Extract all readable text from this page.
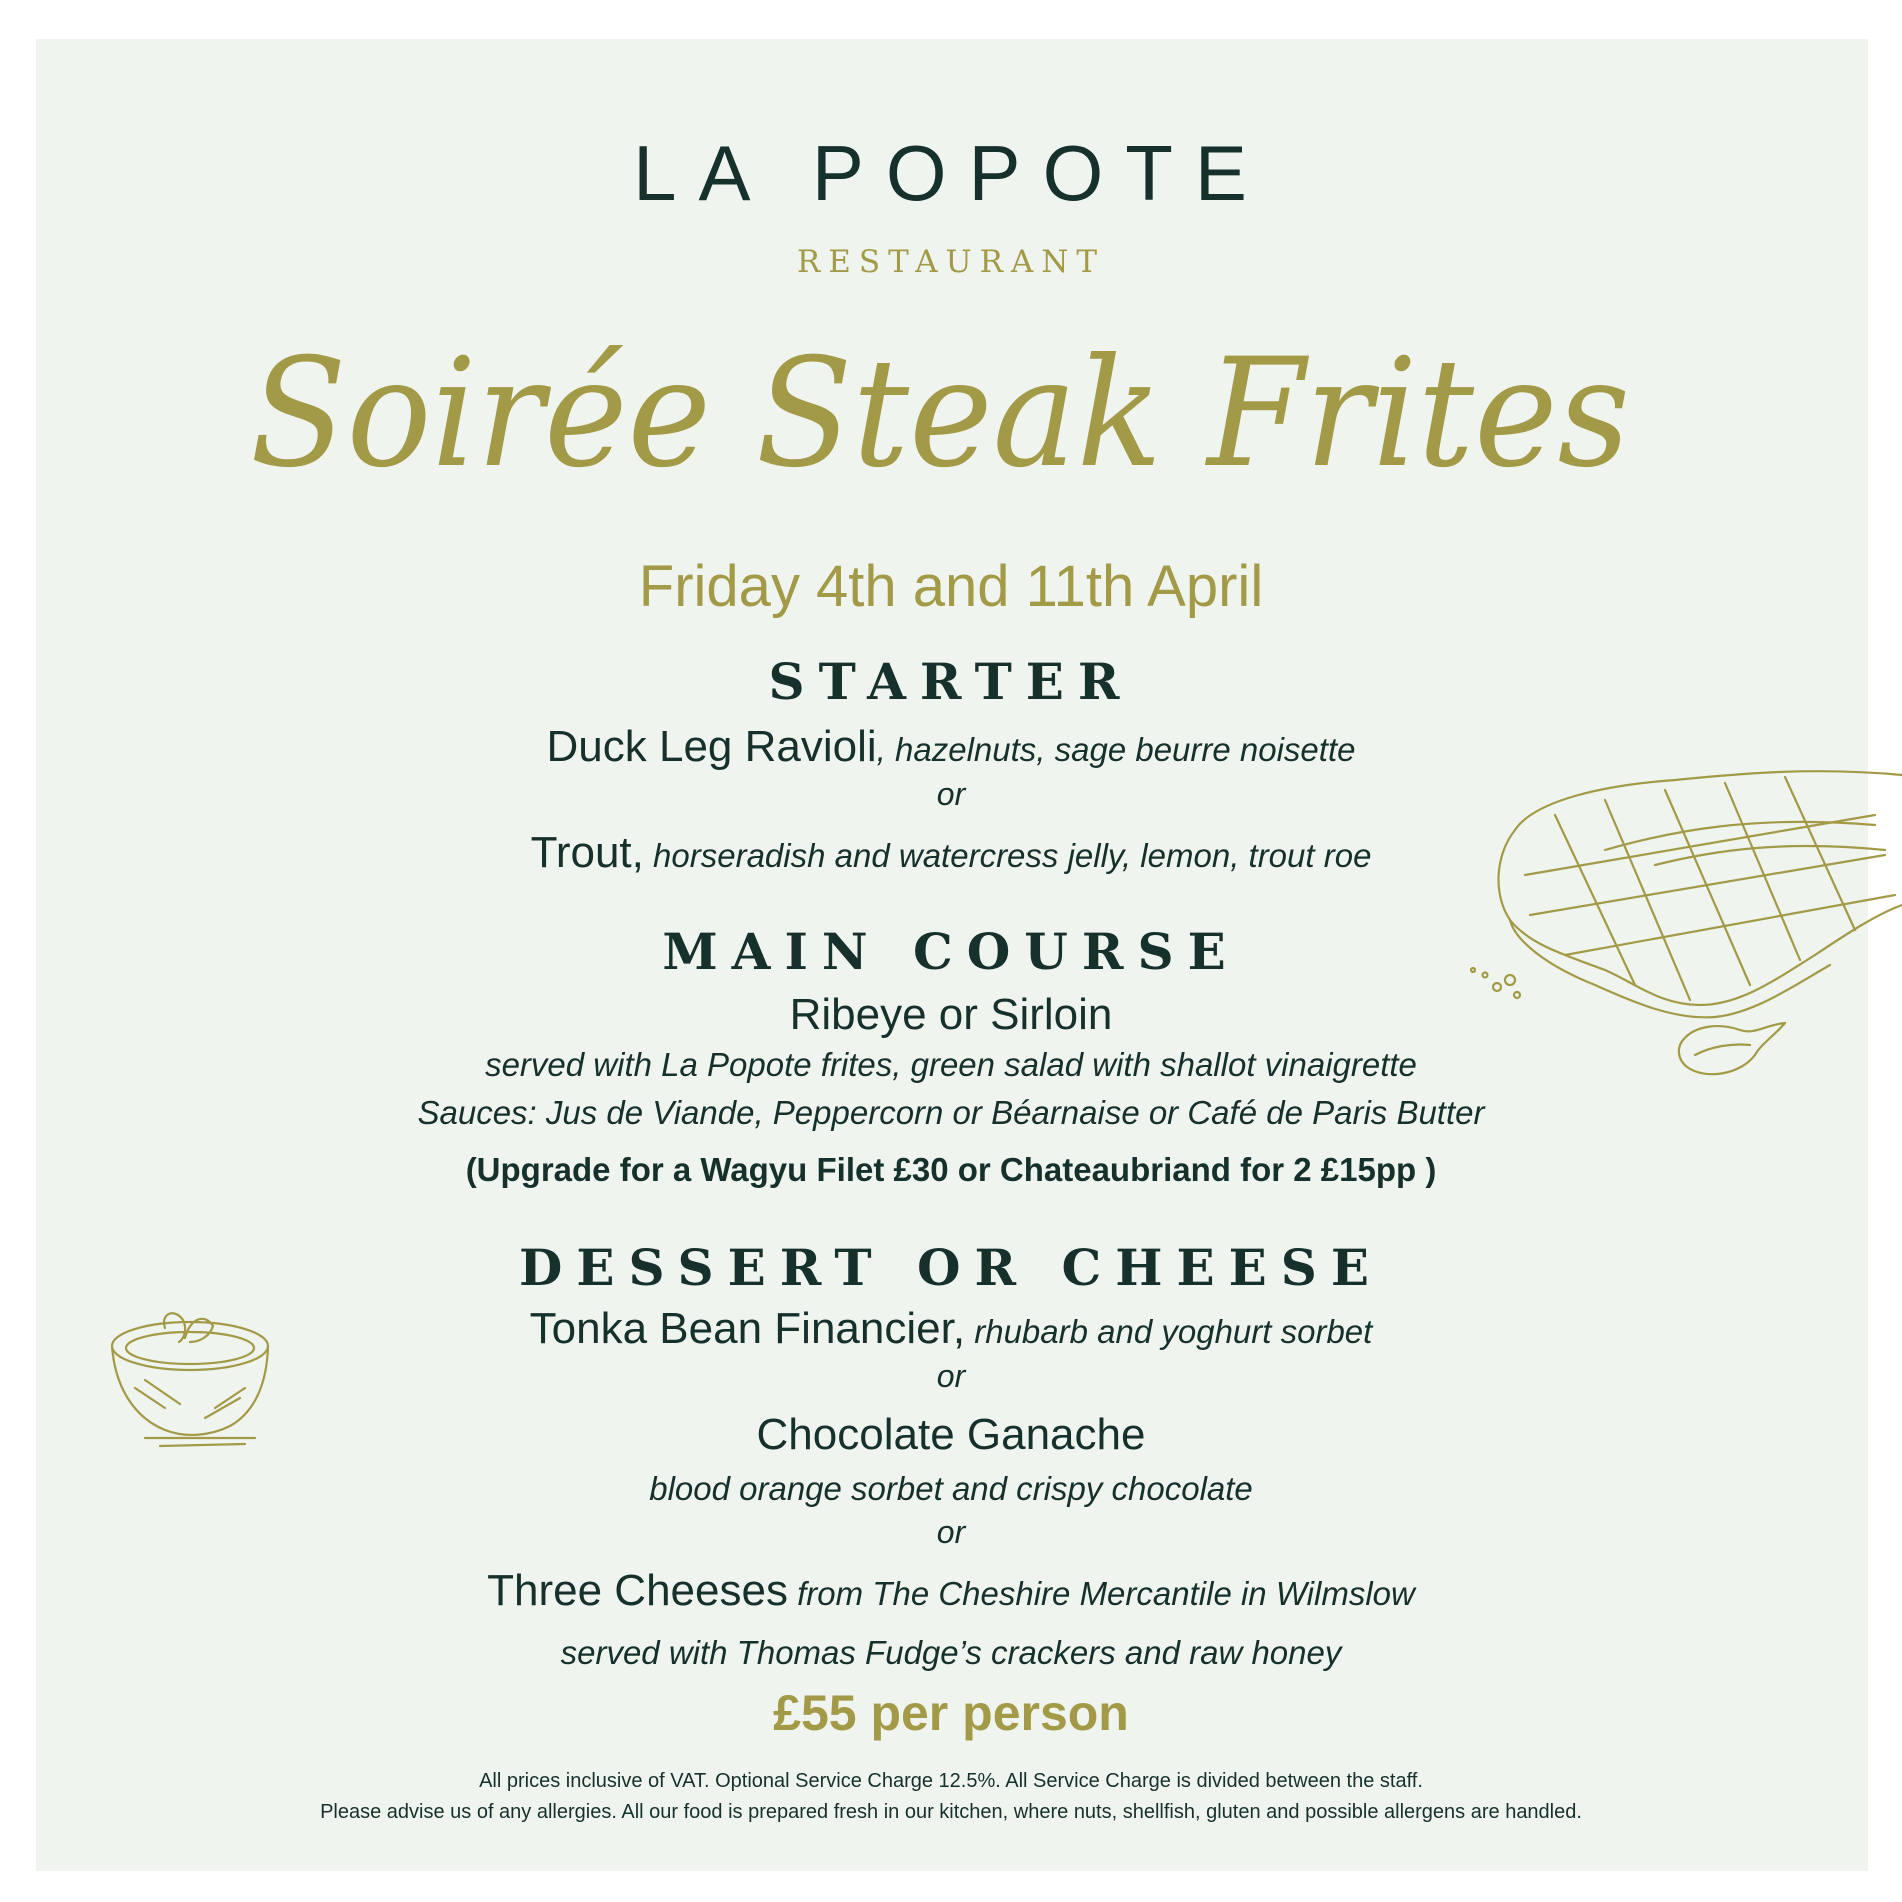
LA POPOTE
RESTAURANT
Soirée Steak Frites
Friday 4th and 11th April
STARTER
Duck Leg Ravioli, hazelnuts, sage beurre noisette
or
Trout, horseradish and watercress jelly, lemon, trout roe
MAIN COURSE
Ribeye or Sirloin
served with La Popote frites, green salad with shallot vinaigrette
Sauces: Jus de Viande, Peppercorn or Béarnaise or Café de Paris Butter
(Upgrade for a Wagyu Filet £30 or Chateaubriand for 2 £15pp )
DESSERT OR CHEESE
Tonka Bean Financier, rhubarb and yoghurt sorbet
or
Chocolate Ganache
blood orange sorbet and crispy chocolate
or
Three Cheeses from The Cheshire Mercantile in Wilmslow
served with Thomas Fudge’s crackers and raw honey
£55 per person
All prices inclusive of VAT. Optional Service Charge 12.5%. All Service Charge is divided between the staff.
Please advise us of any allergies. All our food is prepared fresh in our kitchen, where nuts, shellfish, gluten and possible allergens are handled.
